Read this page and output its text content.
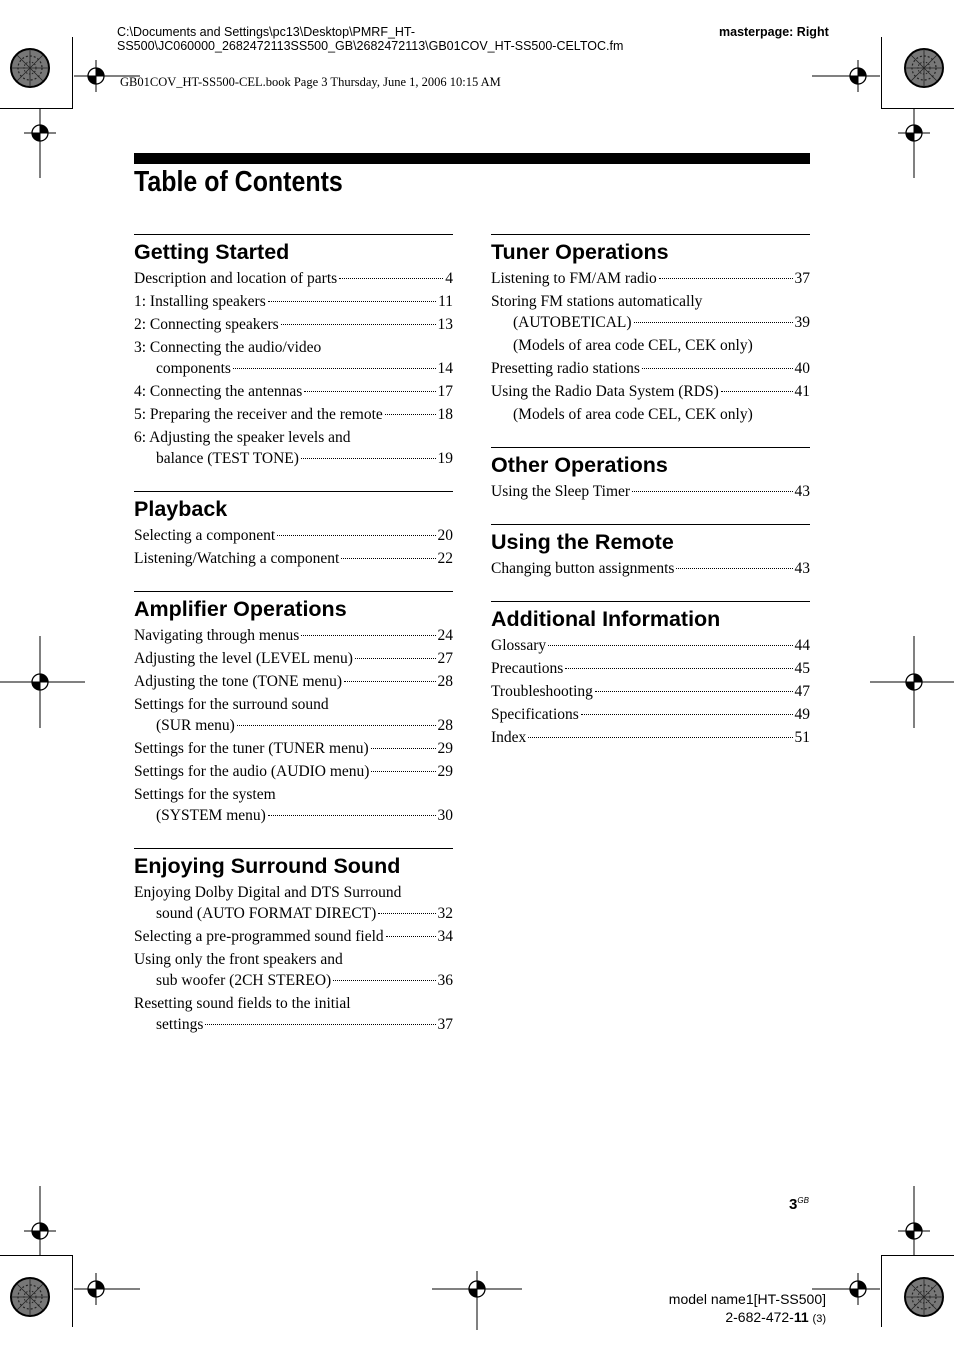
C:\Documents and Settings\pc13\Desktop\PMRF_HT-
SS500\JC060000_2682472113SS500_GB\2682472113\GB01COV_HT-SS500-CELTOC.fm
masterpage: Right
GB01COV_HT-SS500-CEL.book Page 3 Thursday, June 1, 2006 10:15 AM
Table of Contents
Getting Started
Description and location of parts	4
1: Installing speakers	11
2: Connecting speakers	13
3: Connecting the audio/video
components	14
4: Connecting the antennas	17
5: Preparing the receiver and the remote	18
6: Adjusting the speaker levels and
balance (TEST TONE)	19
Playback
Selecting a component	20
Listening/Watching a component	22
Amplifier Operations
Navigating through menus	24
Adjusting the level (LEVEL menu)	27
Adjusting the tone (TONE menu)	28
Settings for the surround sound
(SUR menu)	28
Settings for the tuner (TUNER menu)	29
Settings for the audio (AUDIO menu)	29
Settings for the system
(SYSTEM menu)	30
Enjoying Surround Sound
Enjoying Dolby Digital and DTS Surround
sound (AUTO FORMAT DIRECT)	32
Selecting a pre-programmed sound field	34
Using only the front speakers and
sub woofer (2CH STEREO)	36
Resetting sound fields to the initial
settings	37
Tuner Operations
Listening to FM/AM radio	37
Storing FM stations automatically
(AUTOBETICAL)	39
(Models of area code CEL, CEK only)
Presetting radio stations	40
Using the Radio Data System (RDS)	41
(Models of area code CEL, CEK only)
Other Operations
Using the Sleep Timer	43
Using the Remote
Changing button assignments	43
Additional Information
Glossary	44
Precautions	45
Troubleshooting	47
Specifications	49
Index	51
$3^{GB}$
model name1[HT-SS500]
2-682-472-11 (3)
